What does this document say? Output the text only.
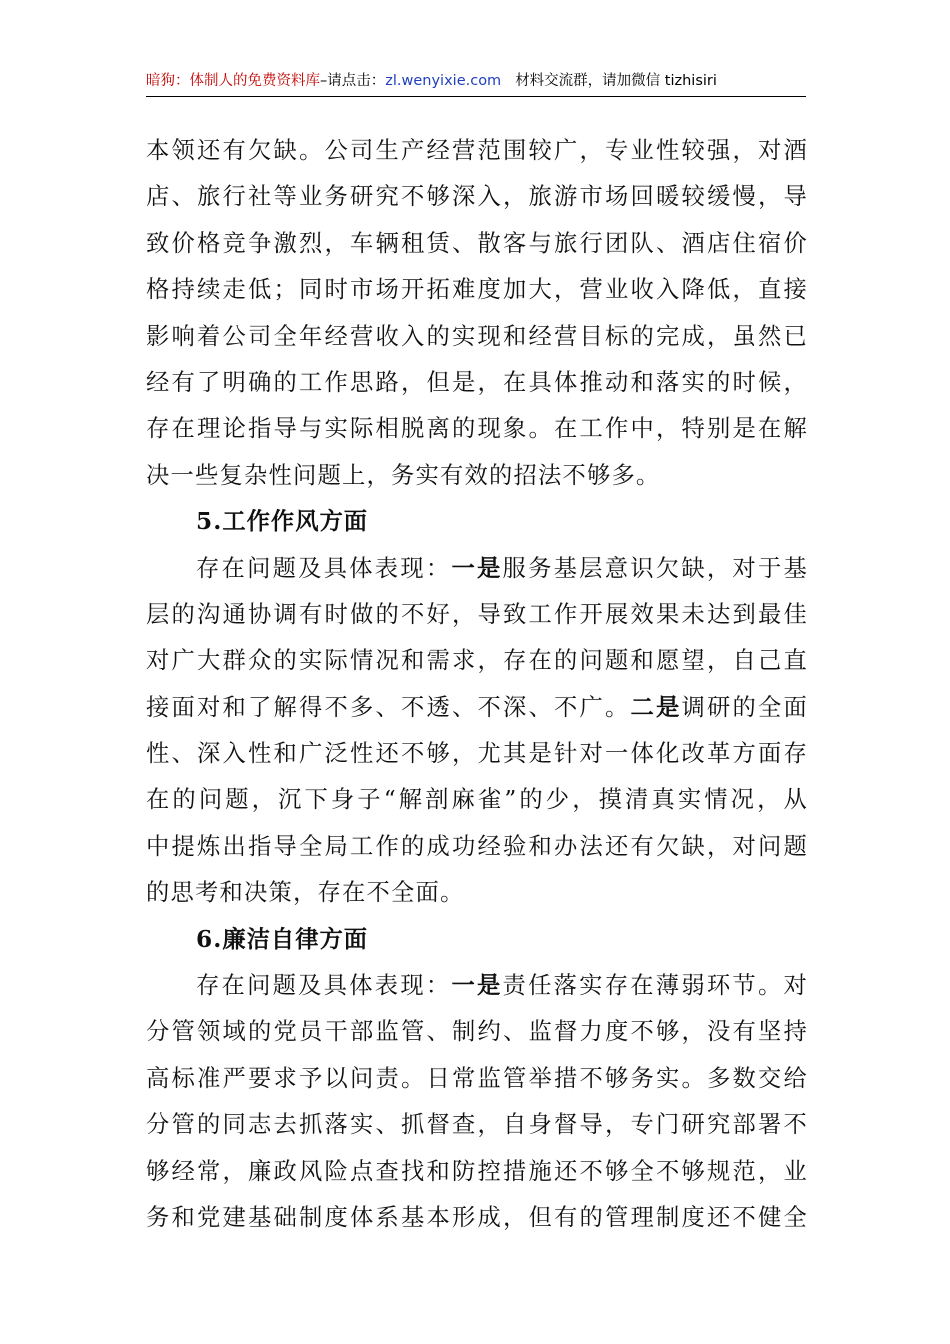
暗狗：体制人的免费资料库–请点击：zl.wenyixie.com 材料交流群，请加微信 tizhisiri
本领还有欠缺。公司生产经营范围较广，专业性较强，对酒
店、旅行社等业务研究不够深入，旅游市场回暖较缓慢，导
致价格竞争激烈，车辆租赁、散客与旅行团队、酒店住宿价
格持续走低；同时市场开拓难度加大，营业收入降低，直接
影响着公司全年经营收入的实现和经营目标的完成，虽然已
经有了明确的工作思路，但是，在具体推动和落实的时候，
存在理论指导与实际相脱离的现象。在工作中，特别是在解
决一些复杂性问题上，务实有效的招法不够多。
5.工作作风方面
存在问题及具体表现：一是服务基层意识欠缺，对于基
层的沟通协调有时做的不好，导致工作开展效果未达到最佳
对广大群众的实际情况和需求，存在的问题和愿望，自己直
接面对和了解得不多、不透、不深、不广。二是调研的全面
性、深入性和广泛性还不够，尤其是针对一体化改革方面存
在的问题，沉下身子“解剖麻雀”的少，摸清真实情况，从
中提炼出指导全局工作的成功经验和办法还有欠缺，对问题
的思考和决策，存在不全面。
6.廉洁自律方面
存在问题及具体表现：一是责任落实存在薄弱环节。对
分管领域的党员干部监管、制约、监督力度不够，没有坚持
高标准严要求予以问责。日常监管举措不够务实。多数交给
分管的同志去抓落实、抓督查，自身督导，专门研究部署不
够经常，廉政风险点查找和防控措施还不够全不够规范，业
务和党建基础制度体系基本形成，但有的管理制度还不健全
